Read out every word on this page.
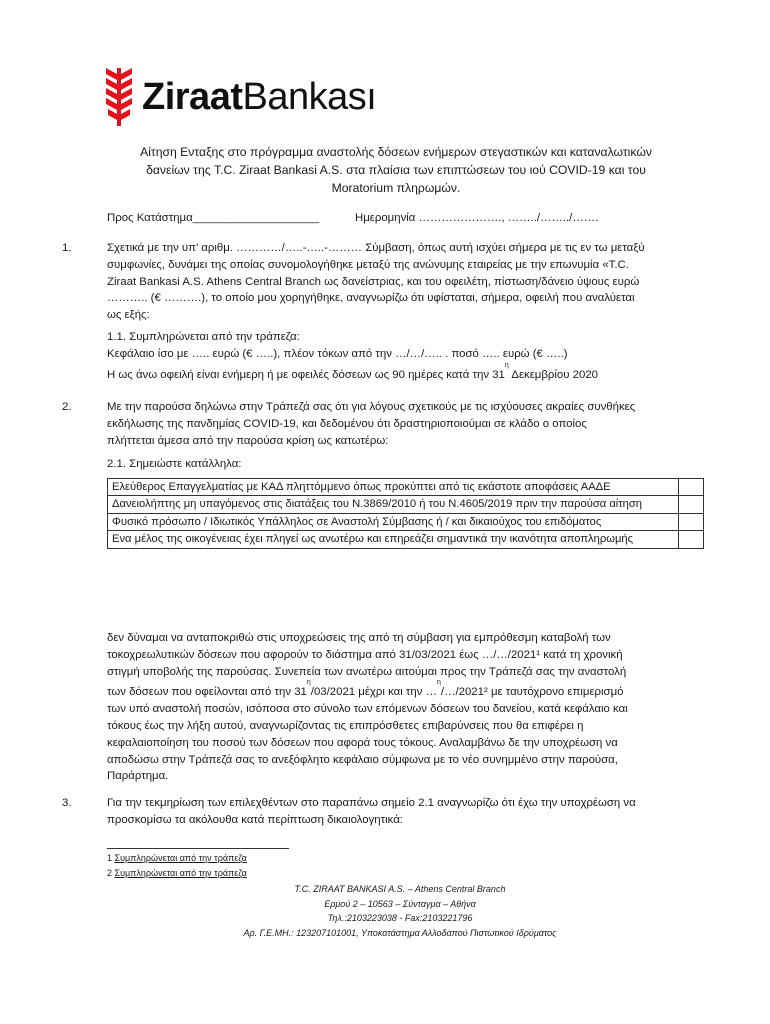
ZiraatBankası
Αίτηση Ενταξης στο πρόγραμμα αναστολής δόσεων ενήμερων στεγαστικών και καταναλωτικών
δανείων της T.C. Ziraat Bankasi A.S. στα πλαίσια των επιπτώσεων του ιού COVID-19 και του
Moratorium πληρωμών.
Προς Κατάστημα____________________	Ημερομηνία …………………., ……../……../…….
1.	Σχετικά με την υπ’ αριθμ. …………/…..-…..-……… Σύμβαση, όπως αυτή ισχύει σήμερα με τις εν τω μεταξύ
συμφωνίες, δυνάμει της οποίας συνομολογήθηκε μεταξύ της ανώνυμης εταιρείας με την επωνυμία «T.C.
Ziraat Bankasi A.S. Athens Central Branch ως δανείστριας, και του οφειλέτη, πίστωση/δάνειο ύψους ευρώ
……….. (€ ……….), το οποίο μου χορηγήθηκε, αναγνωρίζω ότι υφίσταται, σήμερα, οφειλή που αναλύεται
ως εξής:
1.1. Συμπληρώνεται από την τράπεζα:
Κεφάλαιο ίσο με ….. ευρώ (€ …..), πλέον τόκων από την …/…/….. . ποσό ….. ευρώ (€ …..)
Η ως άνω οφειλή είναι ενήμερη ή με οφειλές δόσεων ως 90 ημέρες κατά την $31^\eta$ Δεκεμβρίου 2020
2.	Με την παρούσα δηλώνω στην Τράπεζά σας ότι για λόγους σχετικούς με τις ισχύουσες ακραίες συνθήκες
εκδήλωσης της πανδημίας COVID-19, και δεδομένου ότι δραστηριοποιούμαι σε κλάδο ο οποίος
πλήττεται άμεσα από την παρούσα κρίση ως κατωτέρω:
2.1. Σημειώστε κατάλληλα:
Ελεύθερος Επαγγελματίας με ΚΑΔ πληττόμμενο όπως προκύπτει από τις εκάστοτε αποφάσεις ΑΑΔΕ	
Δανειολήπτης μη υπαγόμενος στις διατάξεις του Ν.3869/2010 ή του Ν.4605/2019 πριν την παρούσα αίτηση	
Φυσικό πρόσωπο / Ιδιωτικός Υπάλληλος σε Αναστολή Σύμβασης ή / και δικαιούχος του επιδόματος	
Ενα μέλος της οικογένειας έχει πληγεί ως ανωτέρω και επηρεάζει σημαντικά την ικανότητα αποπληρωμής	
δεν δύναμαι να ανταποκριθώ στις υποχρεώσεις της από τη σύμβαση για εμπρόθεσμη καταβολή των
τοκοχρεωλυτικών δόσεων που αφορούν το διάστημα από 31/03/2021 έως …/…/2021¹ κατά τη χρονική
στιγμή υποβολής της παρούσας. Συνεπεία των ανωτέρω αιτούμαι προς την Τράπεζά σας την αναστολή
των δόσεων που οφείλονται από την $31^\eta/03/2021$ μέχρι και την …$^\eta$/…/2021² με ταυτόχρονο επιμερισμό
των υπό αναστολή ποσών, ισόποσα στο σύνολο των επόμενων δόσεων του δανείου, κατά κεφάλαιο και
τόκους έως την λήξη αυτού, αναγνωρίζοντας τις επιπρόσθετες επιβαρύνσεις που θα επιφέρει η
κεφαλαιοποίηση του ποσού των δόσεων που αφορά τους τόκους. Αναλαμβάνω δε την υποχρέωση να
αποδώσω στην Τράπεζά σας το ανεξόφλητο κεφάλαιο σύμφωνα με το νέο συνημμένο στην παρούσα,
Παράρτημα.
3.	Για την τεκμηρίωση των επιλεχθέντων στο παραπάνω σημείο 2.1 αναγνωρίζω ότι έχω την υποχρέωση να
προσκομίσω τα ακόλουθα κατά περίπτωση δικαιολογητικά:
1 Συμπληρώνεται από την τράπεζα
2 Συμπληρώνεται από την τράπεζα
T.C. ZIRAAT BANKASI A.S. – Athens Central Branch
Ερμού 2 – 10563 – Σύνταγμα – Αθήνα
Τηλ.:2103223038 - Fax:2103221796
Αρ. Γ.Ε.ΜΗ.: 123207101001, Υποκατάστημα Αλλοδαπού Πιστωτικού Ιδρύματος
